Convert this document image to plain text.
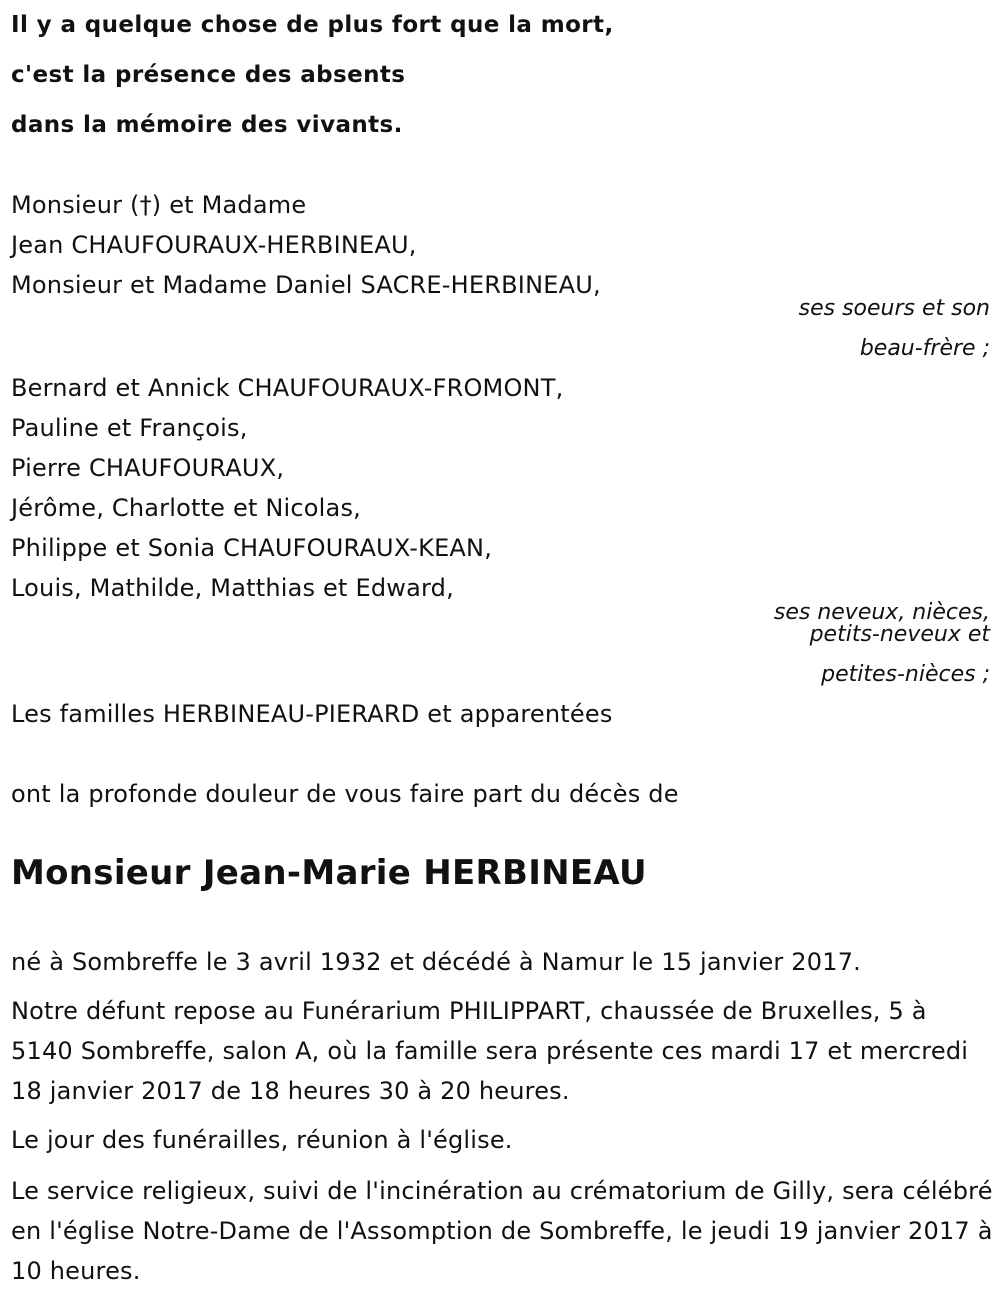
Il y a quelque chose de plus fort que la mort,
c'est la présence des absents
dans la mémoire des vivants.
Monsieur (†) et Madame
Jean CHAUFOURAUX-HERBINEAU,
Monsieur et Madame Daniel SACRE-HERBINEAU,
ses soeurs et son
beau-frère ;
Bernard et Annick CHAUFOURAUX-FROMONT,
Pauline et François,
Pierre CHAUFOURAUX,
Jérôme, Charlotte et Nicolas,
Philippe et Sonia CHAUFOURAUX-KEAN,
Louis, Mathilde, Matthias et Edward,
ses neveux, nièces,
petits-neveux et
petites-nièces ;
Les familles HERBINEAU-PIERARD et apparentées
ont la profonde douleur de vous faire part du décès de
Monsieur Jean-Marie HERBINEAU
né à Sombreffe le 3 avril 1932 et décédé à Namur le 15 janvier 2017.
Notre défunt repose au Funérarium PHILIPPART, chaussée de Bruxelles, 5 à 5140 Sombreffe, salon A, où la famille sera présente ces mardi 17 et mercredi 18 janvier 2017 de 18 heures 30 à 20 heures.
Le jour des funérailles, réunion à l'église.
Le service religieux, suivi de l'incinération au crématorium de Gilly, sera célébré en l'église Notre-Dame de l'Assomption de Sombreffe, le jeudi 19 janvier 2017 à 10 heures.
